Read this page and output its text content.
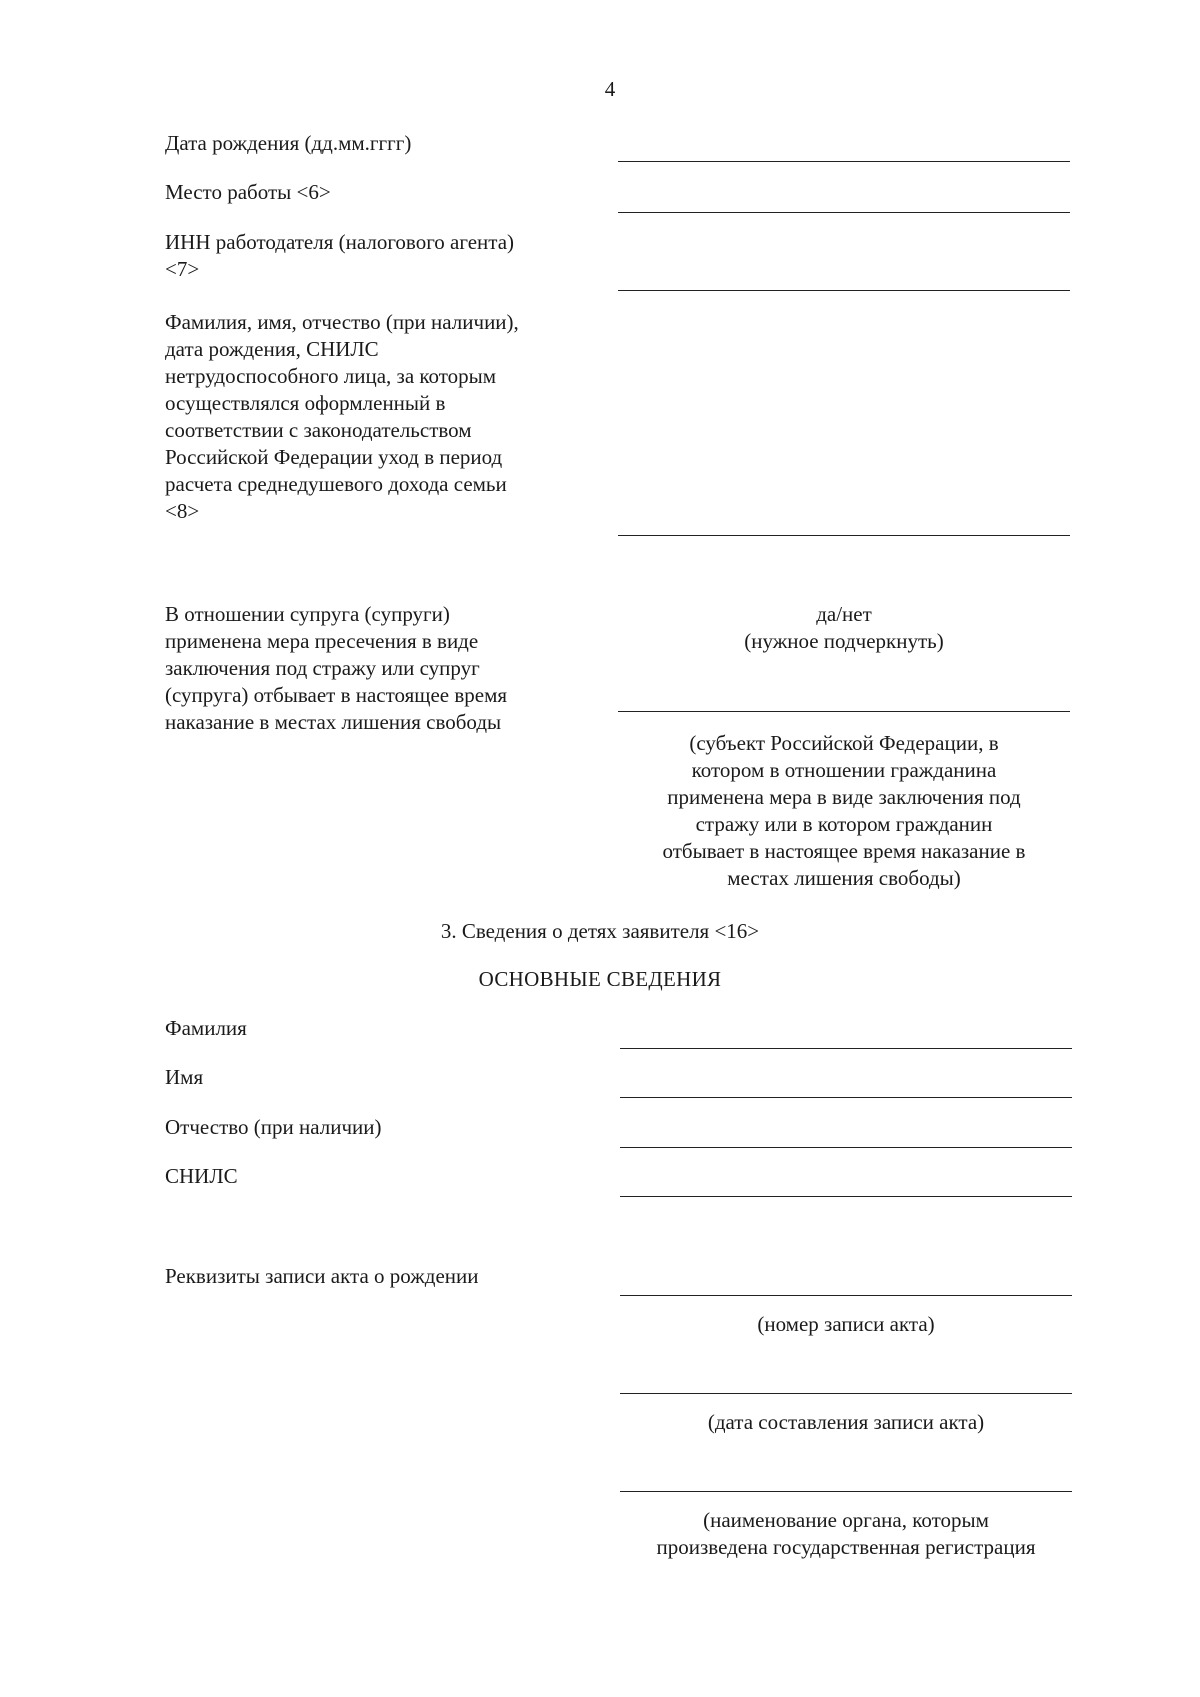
4
Дата рождения (дд.мм.гггг)
Место работы <6>
ИНН работодателя (налогового агента)
<7>
Фамилия, имя, отчество (при наличии),
дата рождения, СНИЛС
нетрудоспособного лица, за которым
осуществлялся оформленный в
соответствии с законодательством
Российской Федерации уход в период
расчета среднедушевого дохода семьи
<8>
В отношении супруга (супруги)
применена мера пресечения в виде
заключения под стражу или супруг
(супруга) отбывает в настоящее время
наказание в местах лишения свободы
да/нет
(нужное подчеркнуть)
(субъект Российской Федерации, в
котором в отношении гражданина
применена мера в виде заключения под
стражу или в котором гражданин
отбывает в настоящее время наказание в
местах лишения свободы)
3. Сведения о детях заявителя <16>
ОСНОВНЫЕ СВЕДЕНИЯ
Фамилия
Имя
Отчество (при наличии)
СНИЛС
Реквизиты записи акта о рождении
(номер записи акта)
(дата составления записи акта)
(наименование органа, которым
произведена государственная регистрация
